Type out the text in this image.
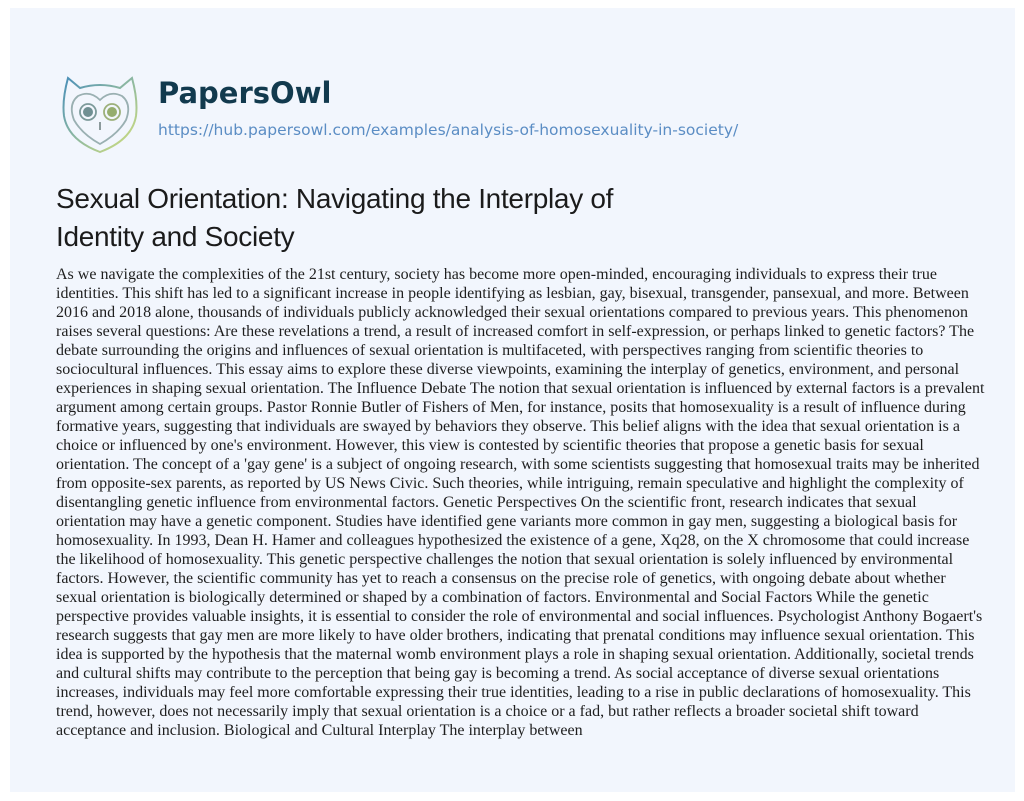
PapersOwl
https://hub.papersowl.com/examples/analysis-of-homosexuality-in-society/
Sexual Orientation: Navigating the Interplay of
Identity and Society
As we navigate the complexities of the 21st century, society has become more open-minded, encouraging individuals to express their true
identities. This shift has led to a significant increase in people identifying as lesbian, gay, bisexual, transgender, pansexual, and more. Between
2016 and 2018 alone, thousands of individuals publicly acknowledged their sexual orientations compared to previous years. This phenomenon
raises several questions: Are these revelations a trend, a result of increased comfort in self-expression, or perhaps linked to genetic factors? The
debate surrounding the origins and influences of sexual orientation is multifaceted, with perspectives ranging from scientific theories to
sociocultural influences. This essay aims to explore these diverse viewpoints, examining the interplay of genetics, environment, and personal
experiences in shaping sexual orientation. The Influence Debate The notion that sexual orientation is influenced by external factors is a prevalent
argument among certain groups. Pastor Ronnie Butler of Fishers of Men, for instance, posits that homosexuality is a result of influence during
formative years, suggesting that individuals are swayed by behaviors they observe. This belief aligns with the idea that sexual orientation is a
choice or influenced by one's environment. However, this view is contested by scientific theories that propose a genetic basis for sexual
orientation. The concept of a 'gay gene' is a subject of ongoing research, with some scientists suggesting that homosexual traits may be inherited
from opposite-sex parents, as reported by US News Civic. Such theories, while intriguing, remain speculative and highlight the complexity of
disentangling genetic influence from environmental factors. Genetic Perspectives On the scientific front, research indicates that sexual
orientation may have a genetic component. Studies have identified gene variants more common in gay men, suggesting a biological basis for
homosexuality. In 1993, Dean H. Hamer and colleagues hypothesized the existence of a gene, Xq28, on the X chromosome that could increase
the likelihood of homosexuality. This genetic perspective challenges the notion that sexual orientation is solely influenced by environmental
factors. However, the scientific community has yet to reach a consensus on the precise role of genetics, with ongoing debate about whether
sexual orientation is biologically determined or shaped by a combination of factors. Environmental and Social Factors While the genetic
perspective provides valuable insights, it is essential to consider the role of environmental and social influences. Psychologist Anthony Bogaert's
research suggests that gay men are more likely to have older brothers, indicating that prenatal conditions may influence sexual orientation. This
idea is supported by the hypothesis that the maternal womb environment plays a role in shaping sexual orientation. Additionally, societal trends
and cultural shifts may contribute to the perception that being gay is becoming a trend. As social acceptance of diverse sexual orientations
increases, individuals may feel more comfortable expressing their true identities, leading to a rise in public declarations of homosexuality. This
trend, however, does not necessarily imply that sexual orientation is a choice or a fad, but rather reflects a broader societal shift toward
acceptance and inclusion. Biological and Cultural Interplay The interplay between
